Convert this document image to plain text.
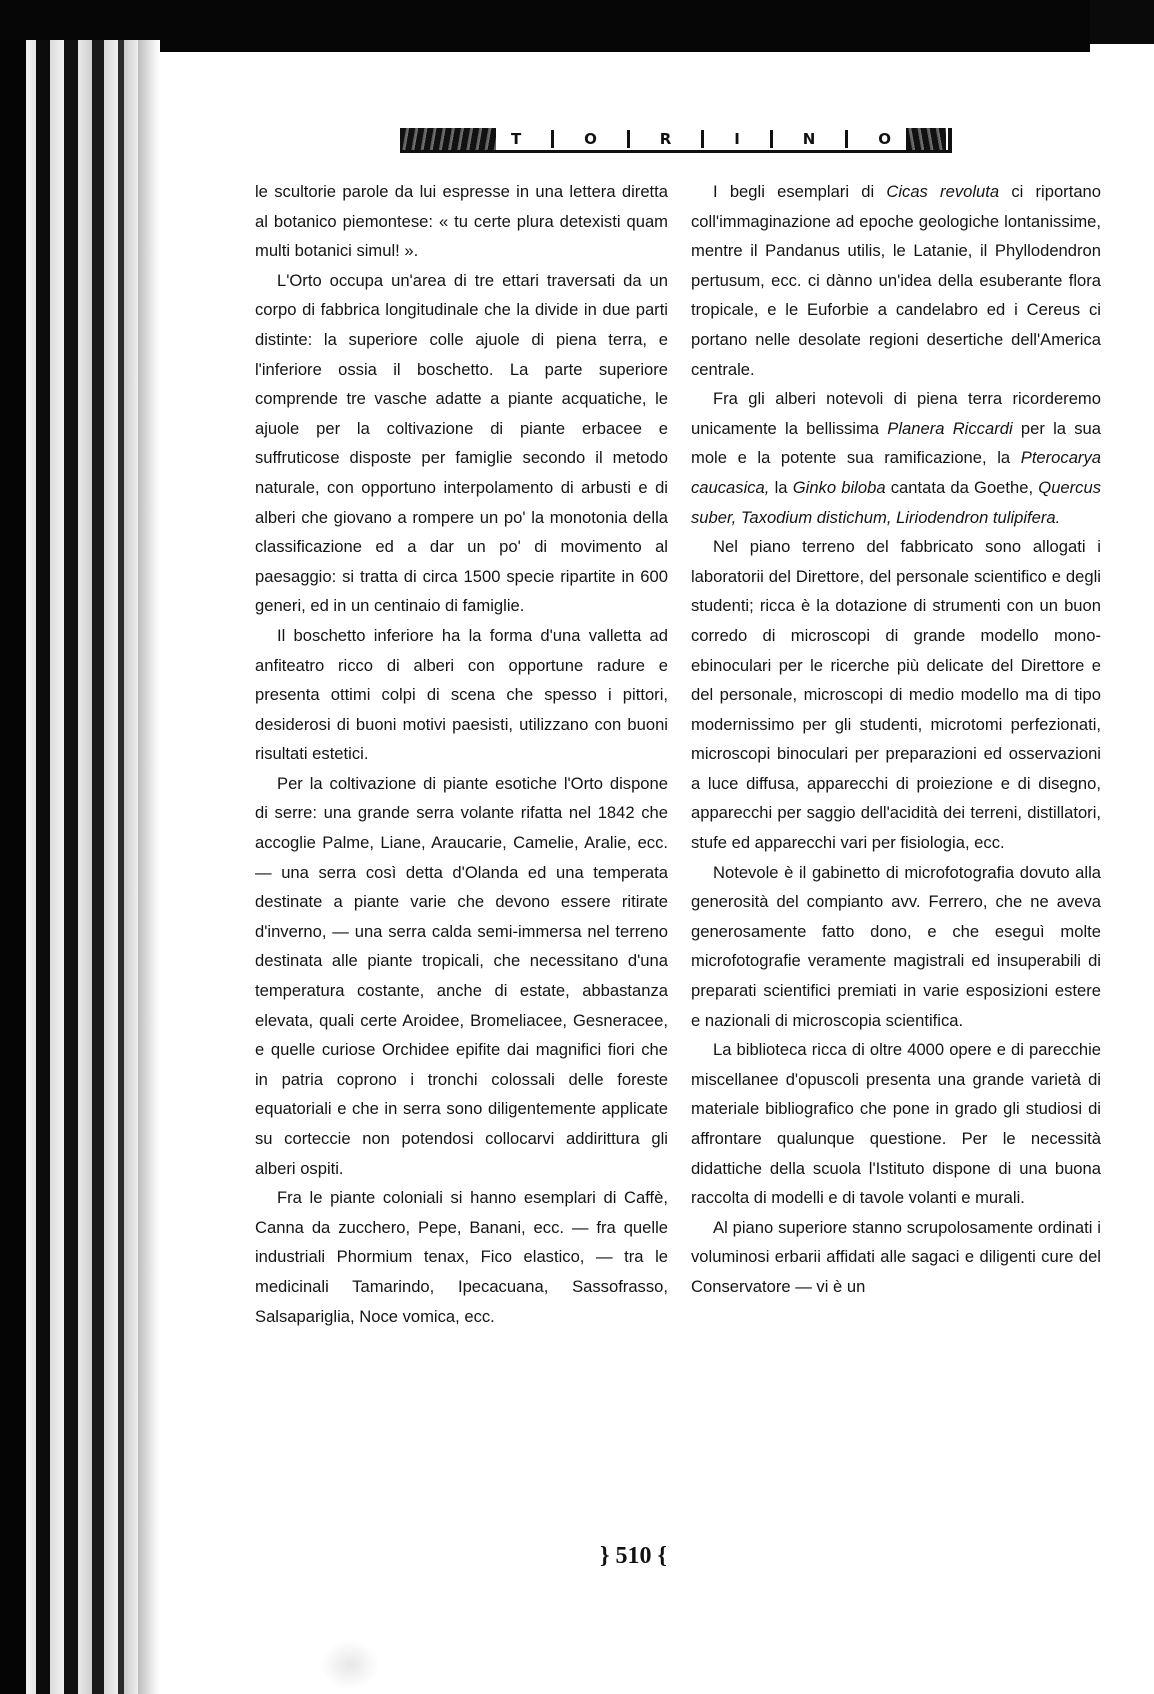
T	O	R	I	N	O

le scultorie parole da lui espresse in una lettera diretta al botanico piemontese: « tu certe plura detexisti quam multi botanici simul! ».

L'Orto occupa un'area di tre ettari traversati da un corpo di fabbrica longitudinale che la divide in due parti distinte: la superiore colle ajuole di piena terra, e l'inferiore ossia il boschetto. La parte superiore comprende tre vasche adatte a piante acquatiche, le ajuole per la coltivazione di piante erbacee e suffruticose disposte per famiglie secondo il metodo naturale, con opportuno interpolamento di arbusti e di alberi che giovano a rompere un po' la monotonia della classificazione ed a dar un po' di movimento al paesaggio: si tratta di circa 1500 specie ripartite in 600 generi, ed in un centinaio di famiglie.

Il boschetto inferiore ha la forma d'una valletta ad anfiteatro ricco di alberi con opportune radure e presenta ottimi colpi di scena che spesso i pittori, desiderosi di buoni motivi paesisti, utilizzano con buoni risultati estetici.

Per la coltivazione di piante esotiche l'Orto dispone di serre: una grande serra volante rifatta nel 1842 che accoglie Palme, Liane, Araucarie, Camelie, Aralie, ecc. — una serra così detta d'Olanda ed una temperata destinate a piante varie che devono essere ritirate d'inverno, — una serra calda semi-immersa nel terreno destinata alle piante tropicali, che necessitano d'una temperatura costante, anche di estate, abbastanza elevata, quali certe Aroidee, Bromeliacee, Gesneracee, e quelle curiose Orchidee epifite dai magnifici fiori che in patria coprono i tronchi colossali delle foreste equatoriali e che in serra sono diligentemente applicate su corteccie non potendosi collocarvi addirittura gli alberi ospiti.

Fra le piante coloniali si hanno esemplari di Caffè, Canna da zucchero, Pepe, Banani, ecc. — fra quelle industriali Phormium tenax, Fico elastico, — tra le medicinali Tamarindo, Ipecacuana, Sassofrasso, Salsapariglia, Noce vomica, ecc.

I begli esemplari di Cicas revoluta ci riportano coll'immaginazione ad epoche geologiche lontanissime, mentre il Pandanus utilis, le Latanie, il Phyllodendron pertusum, ecc. ci dànno un'idea della esuberante flora tropicale, e le Euforbie a candelabro ed i Cereus ci portano nelle desolate regioni desertiche dell'America centrale.

Fra gli alberi notevoli di piena terra ricorderemo unicamente la bellissima Planera Riccardi per la sua mole e la potente sua ramificazione, la Pterocarya caucasica, la Ginko biloba cantata da Goethe, Quercus suber, Taxodium distichum, Liriodendron tulipifera.

Nel piano terreno del fabbricato sono allogati i laboratorii del Direttore, del personale scientifico e degli studenti; ricca è la dotazione di strumenti con un buon corredo di microscopi di grande modello mono-ebinoculari per le ricerche più delicate del Direttore e del personale, microscopi di medio modello ma di tipo modernissimo per gli studenti, microtomi perfezionati, microscopi binoculari per preparazioni ed osservazioni a luce diffusa, apparecchi di proiezione e di disegno, apparecchi per saggio dell'acidità dei terreni, distillatori, stufe ed apparecchi vari per fisiologia, ecc.

Notevole è il gabinetto di microfotografia dovuto alla generosità del compianto avv. Ferrero, che ne aveva generosamente fatto dono, e che eseguì molte microfotografie veramente magistrali ed insuperabili di preparati scientifici premiati in varie esposizioni estere e nazionali di microscopia scientifica.

La biblioteca ricca di oltre 4000 opere e di parecchie miscellanee d'opuscoli presenta una grande varietà di materiale bibliografico che pone in grado gli studiosi di affrontare qualunque questione. Per le necessità didattiche della scuola l'Istituto dispone di una buona raccolta di modelli e di tavole volanti e murali.

Al piano superiore stanno scrupolosamente ordinati i voluminosi erbarii affidati alle sagaci e diligenti cure del Conservatore — vi è un

} 510 {
